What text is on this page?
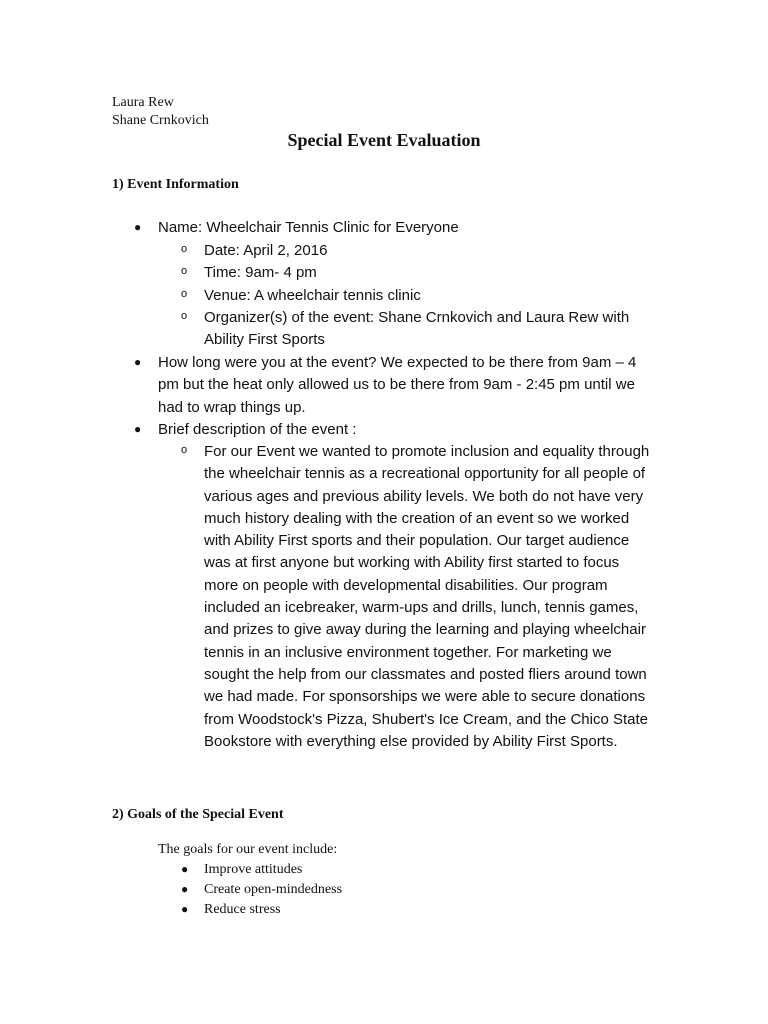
Laura Rew
Shane Crnkovich
Special Event Evaluation
1) Event Information
● Name: Wheelchair Tennis Clinic for Everyone
o Date: April 2, 2016
o Time: 9am- 4 pm
o Venue: A wheelchair tennis clinic
o Organizer(s) of the event: Shane Crnkovich and Laura Rew with
Ability First Sports
● How long were you at the event? We expected to be there from 9am – 4
pm but the heat only allowed us to be there from 9am - 2:45 pm until we
had to wrap things up.
● Brief description of the event :
o For our Event we wanted to promote inclusion and equality through
the wheelchair tennis as a recreational opportunity for all people of
various ages and previous ability levels. We both do not have very
much history dealing with the creation of an event so we worked
with Ability First sports and their population. Our target audience
was at first anyone but working with Ability first started to focus
more on people with developmental disabilities. Our program
included an icebreaker, warm-ups and drills, lunch, tennis games,
and prizes to give away during the learning and playing wheelchair
tennis in an inclusive environment together. For marketing we
sought the help from our classmates and posted fliers around town
we had made. For sponsorships we were able to secure donations
from Woodstock's Pizza, Shubert's Ice Cream, and the Chico State
Bookstore with everything else provided by Ability First Sports.
2) Goals of the Special Event
The goals for our event include:
● Improve attitudes
● Create open-mindedness
● Reduce stress
